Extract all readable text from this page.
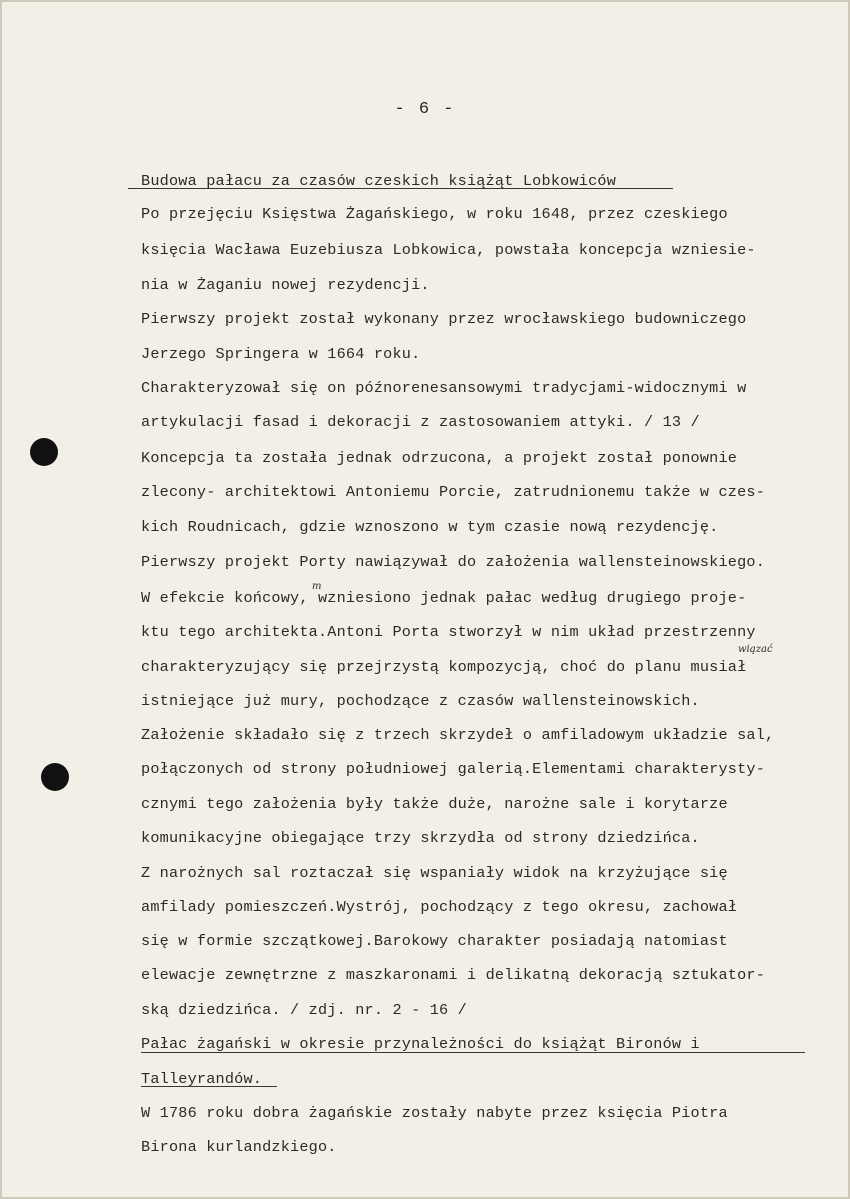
- 6 -
Budowa pałacu za czasów czeskich książąt Lobkowiców
Po przejęciu Księstwa Żagańskiego, w roku 1648, przez czeskiego
księcia Wacława Euzebiusza Lobkowica, powstała koncepcja wzniesie-
nia w Żaganiu nowej rezydencji.
Pierwszy projekt został wykonany przez wrocławskiego budowniczego
Jerzego Springera w 1664 roku.
Charakteryzował się on późnorenesansowymi tradycjami-widocznymi w
artykulacji fasad i dekoracji z zastosowaniem attyki. / 13 /
Koncepcja ta została jednak odrzucona, a projekt został ponownie
zlecony- architektowi Antoniemu Porcie, zatrudnionemu także w czes-
kich Roudnicach, gdzie wznoszono w tym czasie nową rezydencję.
Pierwszy projekt Porty nawiązywał do założenia wallensteinowskiego.
m
W efekcie końcowy, wzniesiono jednak pałac według drugiego proje-
ktu tego architekta.Antoni Porta stworzył w nim układ przestrzenny
wiązać
charakteryzujący się przejrzystą kompozycją, choć do planu musiał
istniejące już mury, pochodzące z czasów wallensteinowskich.
Założenie składało się z trzech skrzydeł o amfiladowym układzie sal,
połączonych od strony południowej galerią.Elementami charakterysty-
cznymi tego założenia były także duże, narożne sale i korytarze
komunikacyjne obiegające trzy skrzydła od strony dziedzińca.
Z narożnych sal roztaczał się wspaniały widok na krzyżujące się
amfilady pomieszczeń.Wystrój, pochodzący z tego okresu, zachował
się w formie szczątkowej.Barokowy charakter posiadają natomiast
elewacje zewnętrzne z maszkaronami i delikatną dekoracją sztukator-
ską dziedzińca. / zdj. nr. 2 - 16 /
Pałac żagański w okresie przynależności do książąt Bironów i
Talleyrandów.
W 1786 roku dobra żagańskie zostały nabyte przez księcia Piotra
Birona kurlandzkiego.
